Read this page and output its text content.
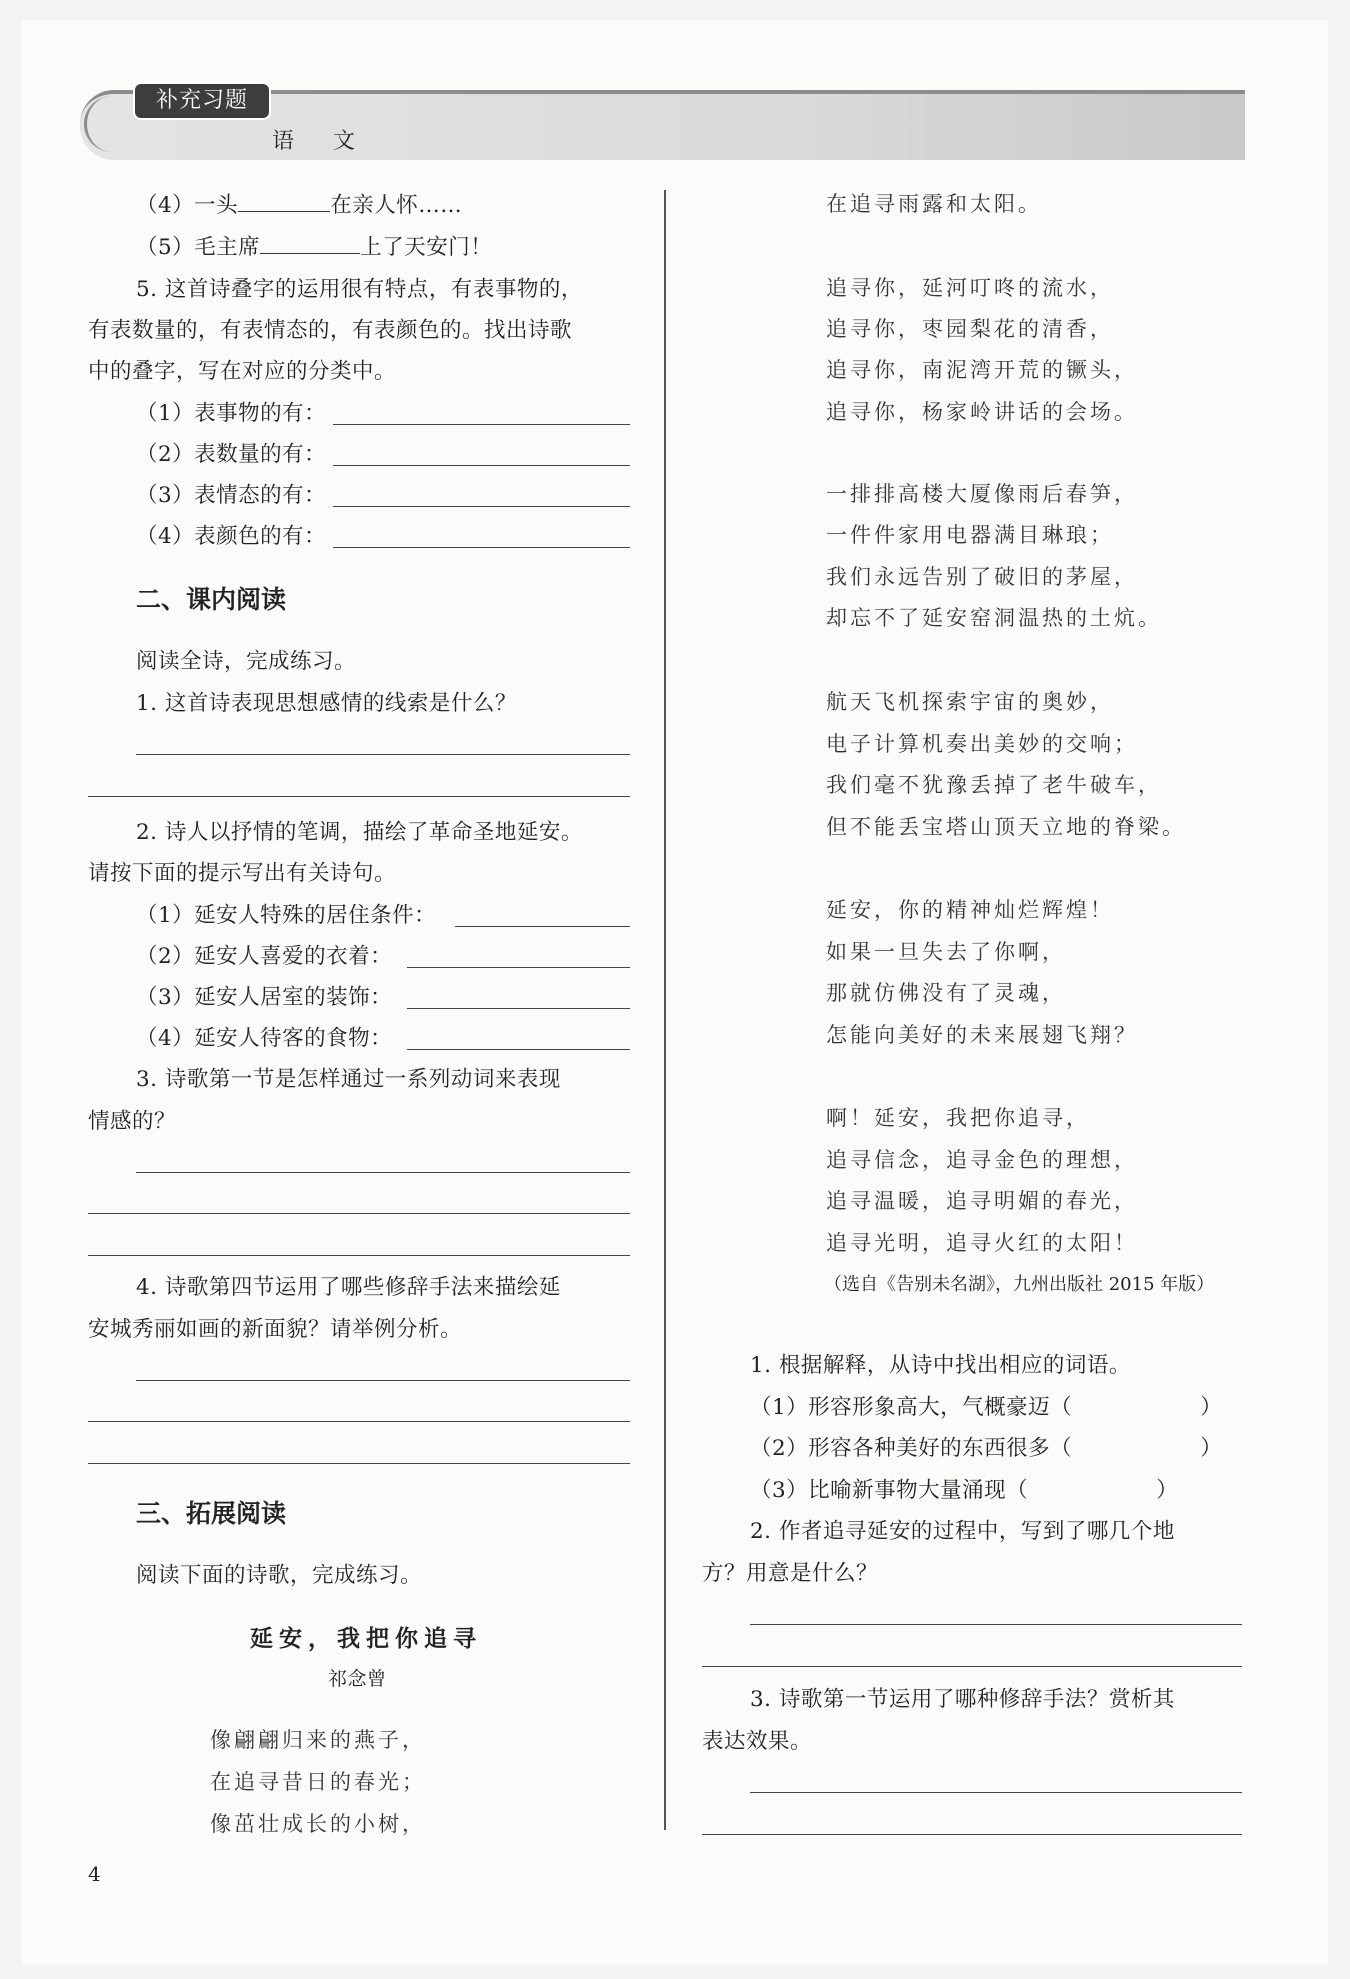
补充习题
语 文
（4）一头	在亲人怀……
（5）毛主席	上了天安门！
5. 这首诗叠字的运用很有特点，有表事物的，
有表数量的，有表情态的，有表颜色的。找出诗歌
中的叠字，写在对应的分类中。
（1）表事物的有：
（2）表数量的有：
（3）表情态的有：
（4）表颜色的有：
二、课内阅读
阅读全诗，完成练习。
1. 这首诗表现思想感情的线索是什么？
2. 诗人以抒情的笔调，描绘了革命圣地延安。
请按下面的提示写出有关诗句。
（1）延安人特殊的居住条件：
（2）延安人喜爱的衣着：
（3）延安人居室的装饰：
（4）延安人待客的食物：
3. 诗歌第一节是怎样通过一系列动词来表现
情感的？
4. 诗歌第四节运用了哪些修辞手法来描绘延
安城秀丽如画的新面貌？请举例分析。
三、拓展阅读
阅读下面的诗歌，完成练习。
延安，我把你追寻
祁念曾
像翩翩归来的燕子，
在追寻昔日的春光；
像茁壮成长的小树，
在追寻雨露和太阳。
追寻你，延河叮咚的流水，
追寻你，枣园梨花的清香，
追寻你，南泥湾开荒的镢头，
追寻你，杨家岭讲话的会场。
一排排高楼大厦像雨后春笋，
一件件家用电器满目琳琅；
我们永远告别了破旧的茅屋，
却忘不了延安窑洞温热的土炕。
航天飞机探索宇宙的奥妙，
电子计算机奏出美妙的交响；
我们毫不犹豫丢掉了老牛破车，
但不能丢宝塔山顶天立地的脊梁。
延安，你的精神灿烂辉煌！
如果一旦失去了你啊，
那就仿佛没有了灵魂，
怎能向美好的未来展翅飞翔？
啊！延安，我把你追寻，
追寻信念，追寻金色的理想，
追寻温暖，追寻明媚的春光，
追寻光明，追寻火红的太阳！
（选自《告别未名湖》，九州出版社 2015 年版）
1. 根据解释，从诗中找出相应的词语。
（1）形容形象高大，气概豪迈（	）
（2）形容各种美好的东西很多（	）
（3）比喻新事物大量涌现（	）
2. 作者追寻延安的过程中，写到了哪几个地
方？用意是什么？
3. 诗歌第一节运用了哪种修辞手法？赏析其
表达效果。
4
